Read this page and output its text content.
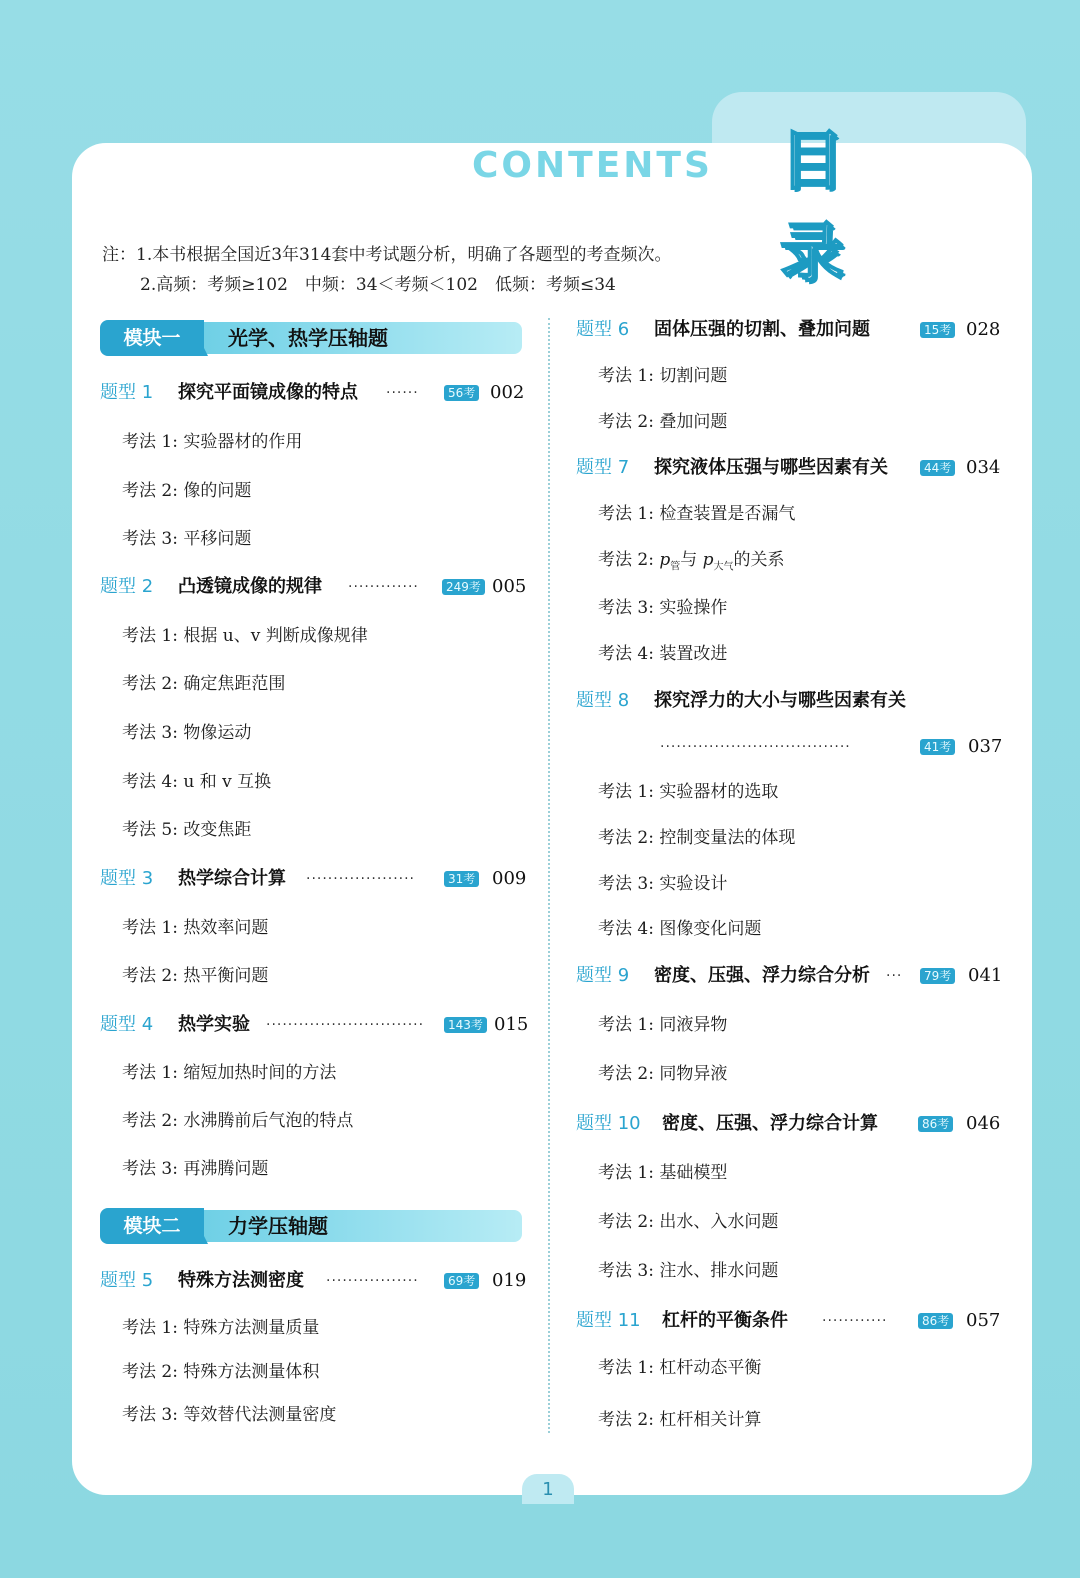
目录
CONTENTS
注：1.本书根据全国近3年314套中考试题分析，明确了各题型的考查频次。
2.高频：考频≥102　中频：34＜考频＜102　低频：考频≤34
模块一	光学、热学压轴题
模块二	力学压轴题
题型 1 探究平面镜成像的特点 ······	56考 002
考法 1: 实验器材的作用
考法 2: 像的问题
考法 3: 平移问题
题型 2 凸透镜成像的规律 ·············	249考 005
考法 1: 根据 u、v 判断成像规律
考法 2: 确定焦距范围
考法 3: 物像运动
考法 4: u 和 v 互换
考法 5: 改变焦距
题型 3 热学综合计算 ····················	31考 009
考法 1: 热效率问题
考法 2: 热平衡问题
题型 4 热学实验 ·····························	143考 015
考法 1: 缩短加热时间的方法
考法 2: 水沸腾前后气泡的特点
考法 3: 再沸腾问题
题型 5 特殊方法测密度 ·················	69考 019
考法 1: 特殊方法测量质量
考法 2: 特殊方法测量体积
考法 3: 等效替代法测量密度
题型 6 固体压强的切割、叠加问题	15考 028
考法 1: 切割问题
考法 2: 叠加问题
题型 7 探究液体压强与哪些因素有关	44考 034
考法 1: 检查装置是否漏气
考法 2: $p_管$与 $p_{大气}$的关系
考法 3: 实验操作
考法 4: 装置改进
题型 8 探究浮力的大小与哪些因素有关
···································	41考 037
考法 1: 实验器材的选取
考法 2: 控制变量法的体现
考法 3: 实验设计
考法 4: 图像变化问题
题型 9 密度、压强、浮力综合分析 ···	79考 041
考法 1: 同液异物
考法 2: 同物异液
题型 10 密度、压强、浮力综合计算	86考 046
考法 1: 基础模型
考法 2: 出水、入水问题
考法 3: 注水、排水问题
题型 11 杠杆的平衡条件 ············	86考 057
考法 1: 杠杆动态平衡
考法 2: 杠杆相关计算
1
